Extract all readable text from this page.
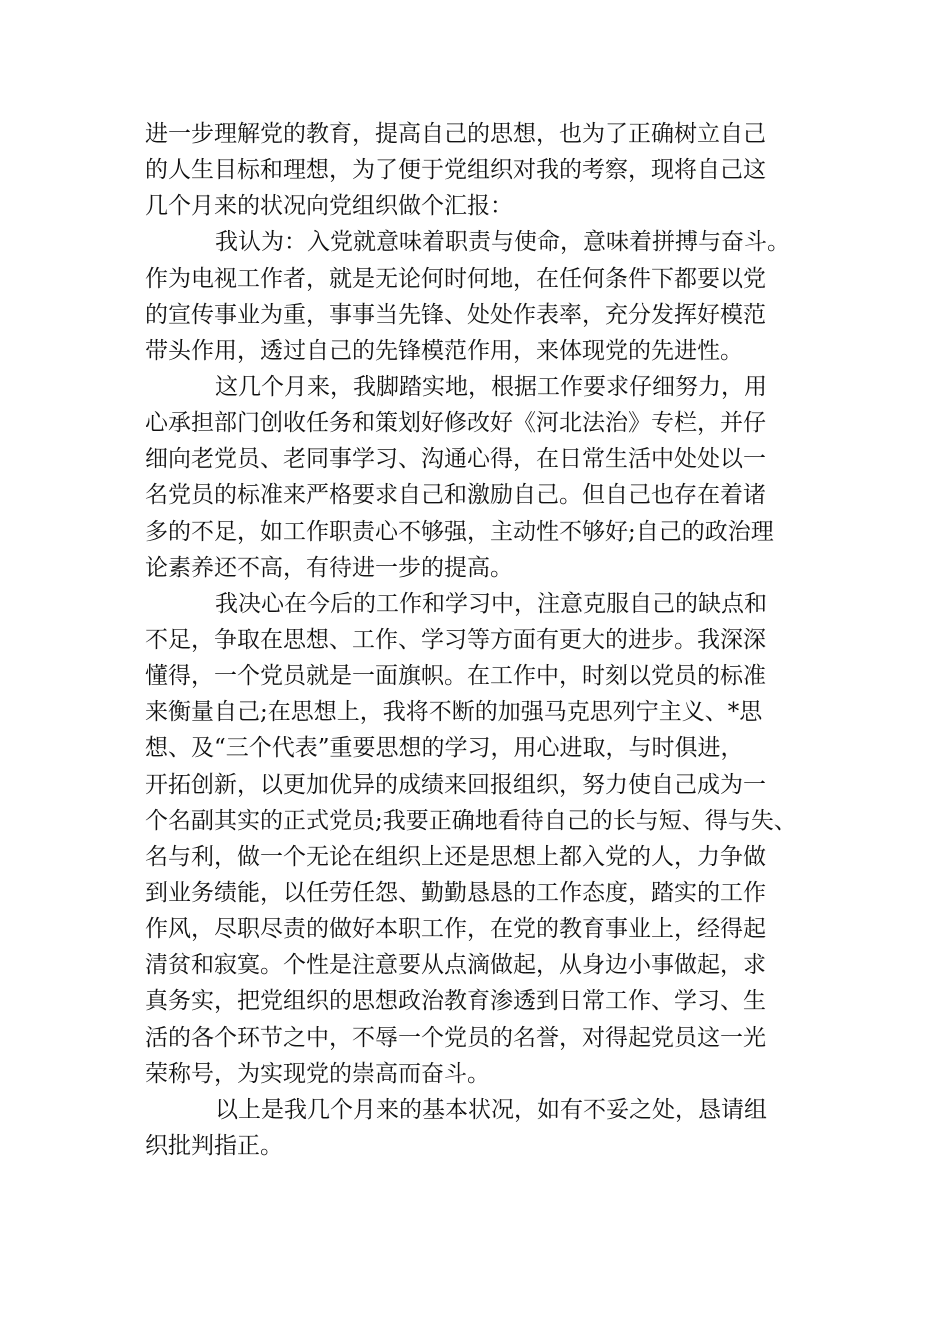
进一步理解党的教育，提高自己的思想，也为了正确树立自己
的人生目标和理想，为了便于党组织对我的考察，现将自己这
几个月来的状况向党组织做个汇报：
我认为：入党就意味着职责与使命，意味着拼搏与奋斗。
作为电视工作者，就是无论何时何地，在任何条件下都要以党
的宣传事业为重，事事当先锋、处处作表率，充分发挥好模范
带头作用，透过自己的先锋模范作用，来体现党的先进性。
这几个月来，我脚踏实地，根据工作要求仔细努力，用
心承担部门创收任务和策划好修改好《河北法治》专栏，并仔
细向老党员、老同事学习、沟通心得，在日常生活中处处以一
名党员的标准来严格要求自己和激励自己。但自己也存在着诸
多的不足，如工作职责心不够强，主动性不够好;自己的政治理
论素养还不高，有待进一步的提高。
我决心在今后的工作和学习中，注意克服自己的缺点和
不足，争取在思想、工作、学习等方面有更大的进步。我深深
懂得，一个党员就是一面旗帜。在工作中，时刻以党员的标准
来衡量自己;在思想上，我将不断的加强马克思列宁主义、*思
想、及“三个代表”重要思想的学习，用心进取，与时俱进，
开拓创新，以更加优异的成绩来回报组织，努力使自己成为一
个名副其实的正式党员;我要正确地看待自己的长与短、得与失、
名与利，做一个无论在组织上还是思想上都入党的人，力争做
到业务绩能，以任劳任怨、勤勤恳恳的工作态度，踏实的工作
作风，尽职尽责的做好本职工作，在党的教育事业上，经得起
清贫和寂寞。个性是注意要从点滴做起，从身边小事做起，求
真务实，把党组织的思想政治教育渗透到日常工作、学习、生
活的各个环节之中，不辱一个党员的名誉，对得起党员这一光
荣称号，为实现党的崇高而奋斗。
以上是我几个月来的基本状况，如有不妥之处，恳请组
织批判指正。
